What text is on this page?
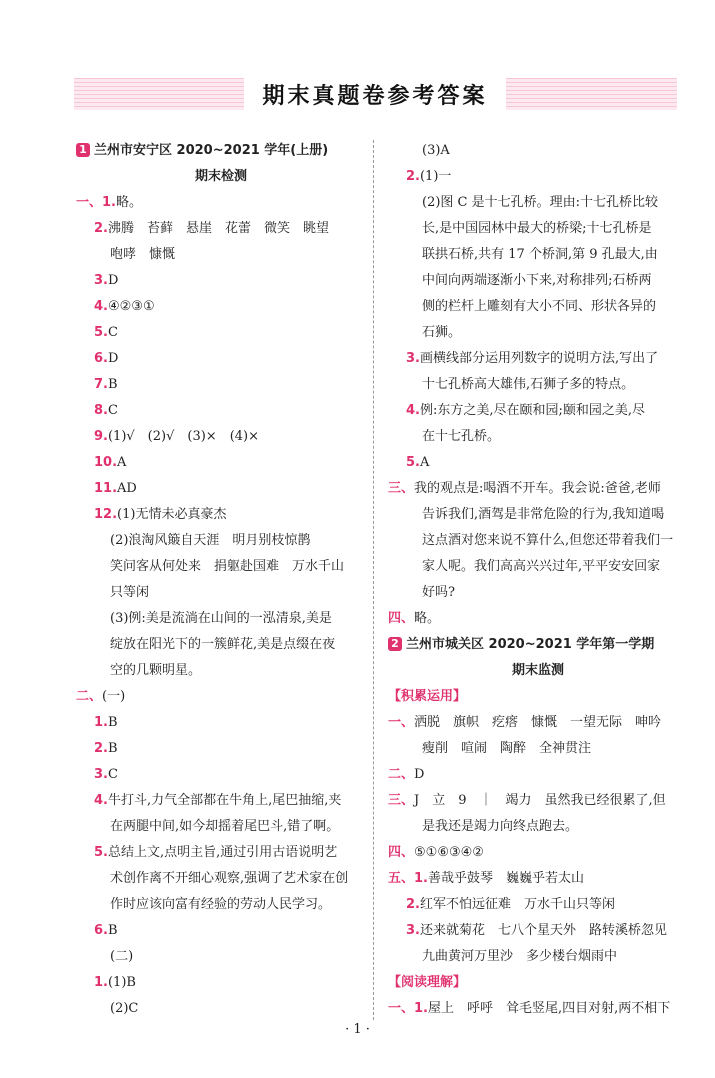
期末真题卷参考答案
1 兰州市安宁区 2020~2021 学年(上册)
期末检测
一、1.略。
2.沸腾　苔藓　悬崖　花蕾　微笑　眺望
咆哮　慷慨
3.D
4.④②③①
5.C
6.D
7.B
8.C
9.(1)√　(2)√　(3)×　(4)×
10.A
11.AD
12.(1)无情未必真豪杰
(2)浪淘风簸自天涯　明月别枝惊鹊
笑问客从何处来　捐躯赴国难　万水千山
只等闲
(3)例:美是流淌在山间的一泓清泉,美是
绽放在阳光下的一簇鲜花,美是点缀在夜
空的几颗明星。
二、(一)
1.B
2.B
3.C
4.牛打斗,力气全部都在牛角上,尾巴抽缩,夹
在两腿中间,如今却摇着尾巴斗,错了啊。
5.总结上文,点明主旨,通过引用古语说明艺
术创作离不开细心观察,强调了艺术家在创
作时应该向富有经验的劳动人民学习。
6.B
(二)
1.(1)B
(2)C
(3)A
2.(1)一
(2)图 C 是十七孔桥。理由:十七孔桥比较
长,是中国园林中最大的桥梁;十七孔桥是
联拱石桥,共有 17 个桥洞,第 9 孔最大,由
中间向两端逐渐小下来,对称排列;石桥两
侧的栏杆上雕刻有大小不同、形状各异的
石狮。
3.画横线部分运用列数字的说明方法,写出了
十七孔桥高大雄伟,石狮子多的特点。
4.例:东方之美,尽在颐和园;颐和园之美,尽
在十七孔桥。
5.A
三、我的观点是:喝酒不开车。我会说:爸爸,老师
告诉我们,酒驾是非常危险的行为,我知道喝
这点酒对您来说不算什么,但您还带着我们一
家人呢。我们高高兴兴过年,平平安安回家
好吗?
四、略。
2 兰州市城关区 2020~2021 学年第一学期
期末监测
【积累运用】
一、洒脱　旗帜　疙瘩　慷慨　一望无际　呻吟
瘦削　喧闹　陶醉　全神贯注
二、D
三、J　立　9　｜　竭力　虽然我已经很累了,但
是我还是竭力向终点跑去。
四、⑤①⑥③④②
五、1.善哉乎鼓琴　巍巍乎若太山
2.红军不怕远征难　万水千山只等闲
3.还来就菊花　七八个星天外　路转溪桥忽见
九曲黄河万里沙　多少楼台烟雨中
【阅读理解】
一、1.屋上　呼呼　耸毛竖尾,四目对射,两不相下
· 1 ·
